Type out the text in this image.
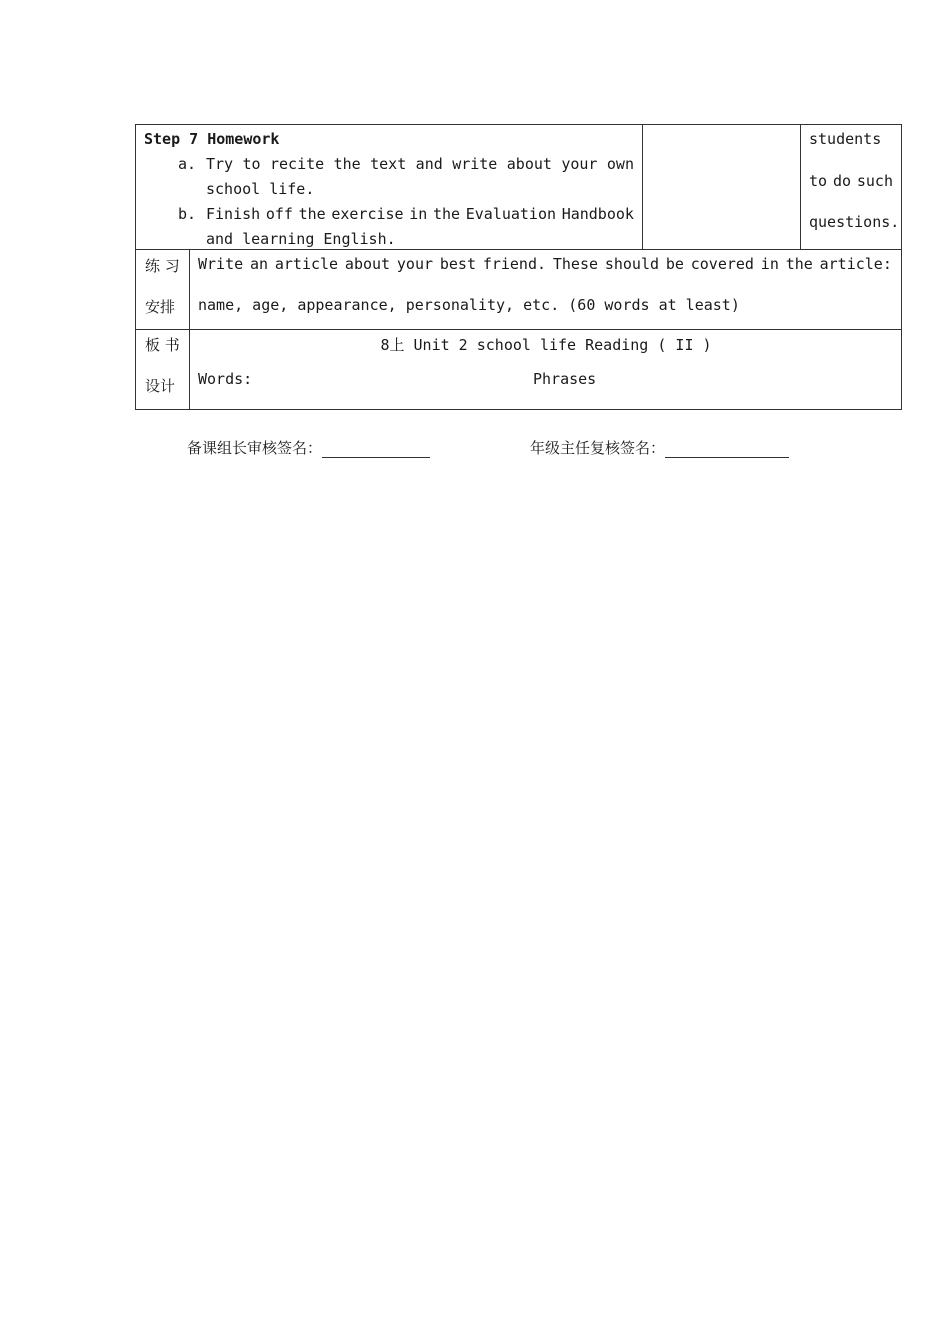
Step 7 Homework
a. Try to recite the text and write about your own
school life.
b. Finish off the exercise in the Evaluation Handbook
and learning English.
students
to do such
questions.
练 习
安排
Write an article about your best friend. These should be covered in the article:
name, age, appearance, personality, etc. (60 words at least)
板 书
设计
8上 Unit 2 school life Reading ( II )
Words:	Phrases
备课组长审核签名：	年级主任复核签名：
